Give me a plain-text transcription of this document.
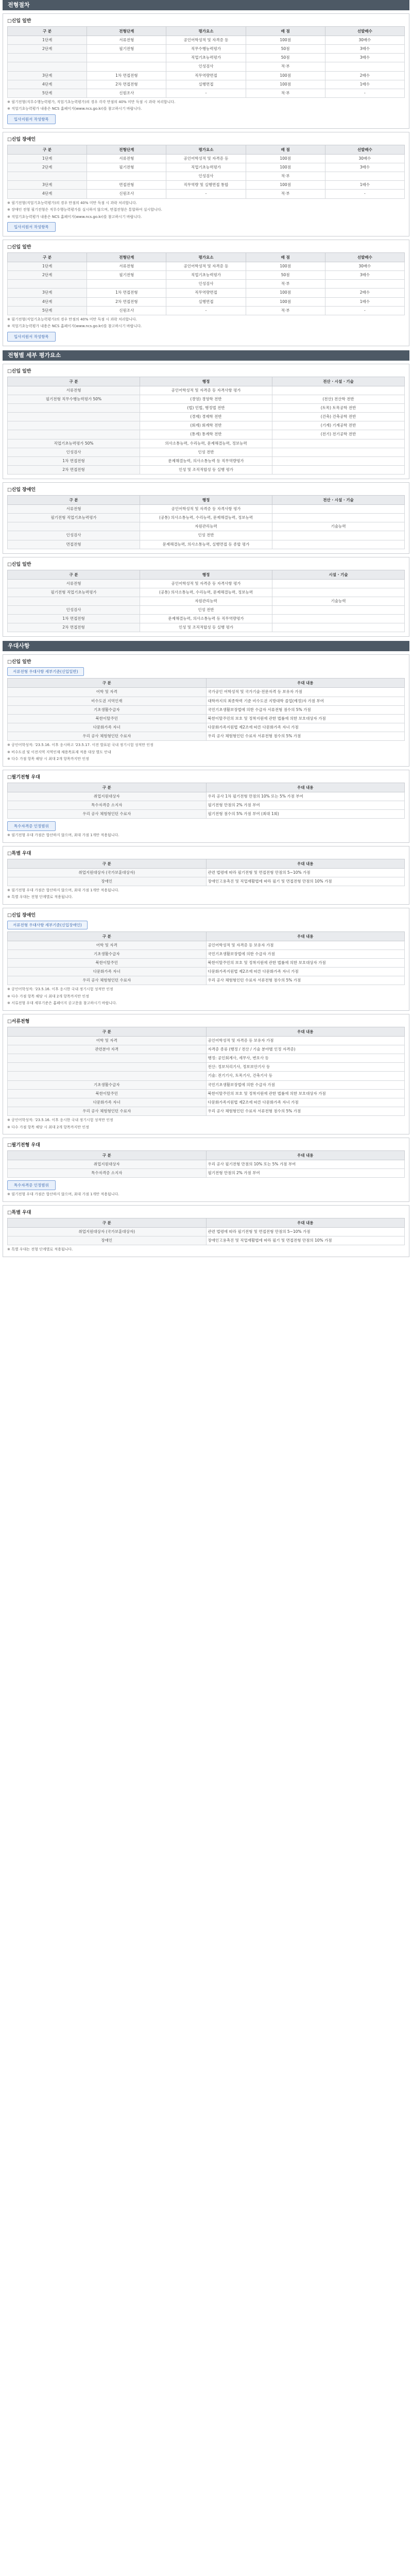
전형절차
□ 신입 일반
구 분	전형단계	평가요소	배 점	선발배수
1단계	서류전형	공인어학성적 및 자격증 등	100점	30배수
2단계	필기전형	직무수행능력평가	50점	3배수
		직업기초능력평가	50점	3배수
		인성검사	적·부	
3단계	1차 면접전형	직무역량면접	100점	2배수
4단계	2차 면접전형	실행면접	100점	1배수
5단계	신원조사	-	적·부	-
※ 필기전형(직무수행능력평가, 직업기초능력평가)의 경우 각각 만점의 40% 미만 득점 시 과락 처리합니다.
※ 직업기초능력평가 내용은 NCS 홈페이지(www.ncs.go.kr)를 참고하시기 바랍니다.
입사지원서 작성항목
□ 신입 장애인
구 분	전형단계	평가요소	배 점	선발배수
1단계	서류전형	공인어학성적 및 자격증 등	100점	30배수
2단계	필기전형	직업기초능력평가	100점	3배수
		인성검사	적·부	
3단계	면접전형	직무역량 및 실행면접 통합	100점	1배수
4단계	신원조사	-	적·부	-
※ 필기전형(직업기초능력평가)의 경우 만점의 40% 미만 득점 시 과락 처리합니다.
※ 장애인 전형 필기전형은 직무수행능력평가를 실시하지 않으며, 면접전형은 통합하여 실시합니다.
※ 직업기초능력평가 내용은 NCS 홈페이지(www.ncs.go.kr)를 참고하시기 바랍니다.
입사지원서 작성항목
□ 신입 일반
구 분	전형단계	평가요소	배 점	선발배수
1단계	서류전형	공인어학성적 및 자격증 등	100점	30배수
2단계	필기전형	직업기초능력평가	50점	3배수
		인성검사	적·부	
3단계	1차 면접전형	직무역량면접	100점	2배수
4단계	2차 면접전형	실행면접	100점	1배수
5단계	신원조사	-	적·부	-
※ 필기전형(직업기초능력평가)의 경우 만점의 40% 미만 득점 시 과락 처리합니다.
※ 직업기초능력평가 내용은 NCS 홈페이지(www.ncs.go.kr)를 참고하시기 바랍니다.
입사지원서 작성항목
전형별 세부 평가요소
□ 신입 일반
구 분	행정	전산 · 시설 · 기술
서류전형	공인어학성적 및 자격증 등 자격사항 평가	
필기전형 직무수행능력평가 50%	(경영) 경영학 전반	(전산) 전산학 전반
	(법) 민법, 행정법 전반	(토목) 토목공학 전반
	(경제) 경제학 전반	(건축) 건축공학 전반
	(회계) 회계학 전반	(기계) 기계공학 전반
	(통계) 통계학 전반	(전기) 전기공학 전반
직업기초능력평가 50%	의사소통능력, 수리능력, 문제해결능력, 정보능력	
인성검사	인성 전반	
1차 면접전형	문제해결능력, 의사소통능력 등 직무역량평가	
2차 면접전형	인성 및 조직적합성 등 실행 평가	
□ 신입 장애인
구 분	행정	전산 · 시설 · 기술
서류전형	공인어학성적 및 자격증 등 자격사항 평가	
필기전형 직업기초능력평가	(공통) 의사소통능력, 수리능력, 문제해결능력, 정보능력	
	자원관리능력	기술능력
인성검사	인성 전반	
면접전형	문제해결능력, 의사소통능력, 실행면접 등 종합 평가	
□ 신입 일반
구 분	행정	시설 · 기술
서류전형	공인어학성적 및 자격증 등 자격사항 평가	
필기전형 직업기초능력평가	(공통) 의사소통능력, 수리능력, 문제해결능력, 정보능력	
	자원관리능력	기술능력
인성검사	인성 전반	
1차 면접전형	문제해결능력, 의사소통능력 등 직무역량평가	
2차 면접전형	인성 및 조직적합성 등 실행 평가	
우대사항
□ 신입 일반
서류전형 우대사항 세부기준(신입일반)
구 분	우대 내용
어학 및 자격	국가공인 어학성적 및 국가기술·전문자격 등 보유자 가점
비수도권 지역인재	대학까지의 최종학력 기준 비수도권 지방대학 졸업(예정)자 가점 부여
기초생활수급자	국민기초생활보장법에 의한 수급자 서류전형 점수의 5% 가점
북한이탈주민	북한이탈주민의 보호 및 정착지원에 관한 법률에 의한 보호대상자 가점
다문화가족 자녀	다문화가족지원법 제2조에 따른 다문화가족 자녀 가점
우리 공사 체험형인턴 수료자	우리 공사 체험형인턴 수료자 서류전형 점수의 5% 가점
※ 공인어학성적: '23.5.16. 이후 응시하고 '23.5.17. 이전 발표된 국내 정기시험 성적만 인정
※ 비수도권 및 이전지역 지역인재 채용목표제 적용 대상 별도 안내
※ 다수 가점 항목 해당 시 최대 2개 항목까지만 인정
□ 필기전형 우대
구 분	우대 내용
취업지원대상자	우리 공사 1차 필기전형 만점의 10% 또는 5% 가점 부여
특수자격증 소지자	필기전형 만점의 2% 가점 부여
우리 공사 체험형인턴 수료자	필기전형 점수의 5% 가점 부여 (최대 1회)
특수자격증 인정범위
※ 필기전형 우대 가점은 합산하지 않으며, 최대 가점 1개만 적용됩니다.
□ 특별 우대
구 분	우대 내용
취업지원대상자 (국가보훈대상자)	관련 법령에 따라 필기전형 및 면접전형 만점의 5~10% 가점
장애인	장애인고용촉진 및 직업재활법에 따라 필기 및 면접전형 만점의 10% 가점
※ 필기전형 우대 가점은 합산하지 않으며, 최대 가점 1개만 적용됩니다.
※ 특별 우대는 전형 단계별로 적용됩니다.
□ 신입 장애인
서류전형 우대사항 세부기준(신입장애인)
구 분	우대 내용
어학 및 자격	공인어학성적 및 자격증 등 보유자 가점
기초생활수급자	국민기초생활보장법에 의한 수급자 가점
북한이탈주민	북한이탈주민의 보호 및 정착지원에 관한 법률에 의한 보호대상자 가점
다문화가족 자녀	다문화가족지원법 제2조에 따른 다문화가족 자녀 가점
우리 공사 체험형인턴 수료자	우리 공사 체험형인턴 수료자 서류전형 점수의 5% 가점
※ 공인어학성적: '23.5.16. 이후 응시한 국내 정기시험 성적만 인정
※ 다수 가점 항목 해당 시 최대 2개 항목까지만 인정
※ 서류전형 우대 세부기준은 홈페이지 공고문을 참고하시기 바랍니다.
□ 서류전형
구 분	우대 내용
어학 및 자격	공인어학성적 및 자격증 등 보유자 가점
관련분야 자격	자격증 종류 (행정 / 전산 / 기술 분야별 인정 자격증)
	행정: 공인회계사, 세무사, 변호사 등
	전산: 정보처리기사, 정보보안기사 등
	기술: 전기기사, 토목기사, 건축기사 등
기초생활수급자	국민기초생활보장법에 의한 수급자 가점
북한이탈주민	북한이탈주민의 보호 및 정착지원에 관한 법률에 의한 보호대상자 가점
다문화가족 자녀	다문화가족지원법 제2조에 따른 다문화가족 자녀 가점
우리 공사 체험형인턴 수료자	우리 공사 체험형인턴 수료자 서류전형 점수의 5% 가점
※ 공인어학성적: '23.5.16. 이후 응시한 국내 정기시험 성적만 인정
※ 다수 가점 항목 해당 시 최대 2개 항목까지만 인정
□ 필기전형 우대
구 분	우대 내용
취업지원대상자	우리 공사 필기전형 만점의 10% 또는 5% 가점 부여
특수자격증 소지자	필기전형 만점의 2% 가점 부여
특수자격증 인정범위
※ 필기전형 우대 가점은 합산하지 않으며, 최대 가점 1개만 적용됩니다.
□ 특별 우대
구 분	우대 내용
취업지원대상자 (국가보훈대상자)	관련 법령에 따라 필기전형 및 면접전형 만점의 5~10% 가점
장애인	장애인고용촉진 및 직업재활법에 따라 필기 및 면접전형 만점의 10% 가점
※ 특별 우대는 전형 단계별로 적용됩니다.
